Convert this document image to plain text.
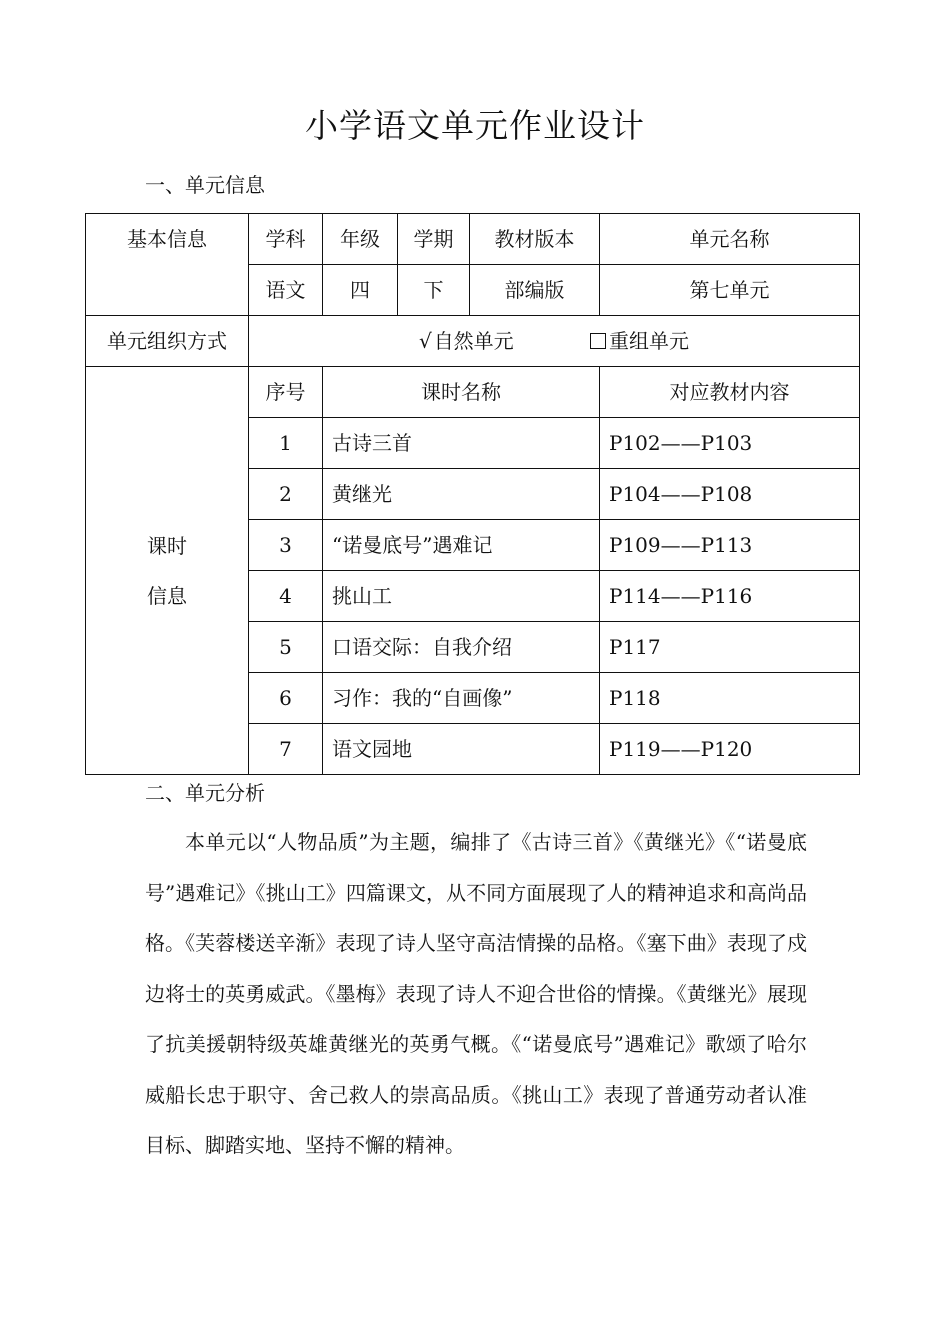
小学语文单元作业设计
一、单元信息
基本信息	学科	年级	学期	教材版本	单元名称
	语文	四	下	部编版	第七单元
单元组织方式	√ 自然单元 重组单元				

课时
信息	序号	课时名称			对应教材内容
	1	古诗三首			P102——P103
	2	黄继光			P104——P108
	3	“诺曼底号”遇难记			P109——P113
	4	挑山工			P114——P116
	5	口语交际：自我介绍			P117
	6	习作：我的“自画像”			P118
	7	语文园地			P119——P120
二、单元分析

本单元以“人物品质”为主题，编排了《古诗三首》《黄继光》《“诺曼底号”遇难记》《挑山工》四篇课文，从不同方面展现了人的精神追求和高尚品格。《芙蓉楼送辛渐》表现了诗人坚守高洁情操的品格。《塞下曲》表现了戍边将士的英勇威武。《墨梅》表现了诗人不迎合世俗的情操。《黄继光》展现了抗美援朝特级英雄黄继光的英勇气概。《“诺曼底号”遇难记》歌颂了哈尔威船长忠于职守、舍己救人的崇高品质。《挑山工》表现了普通劳动者认准目标、脚踏实地、坚持不懈的精神。
